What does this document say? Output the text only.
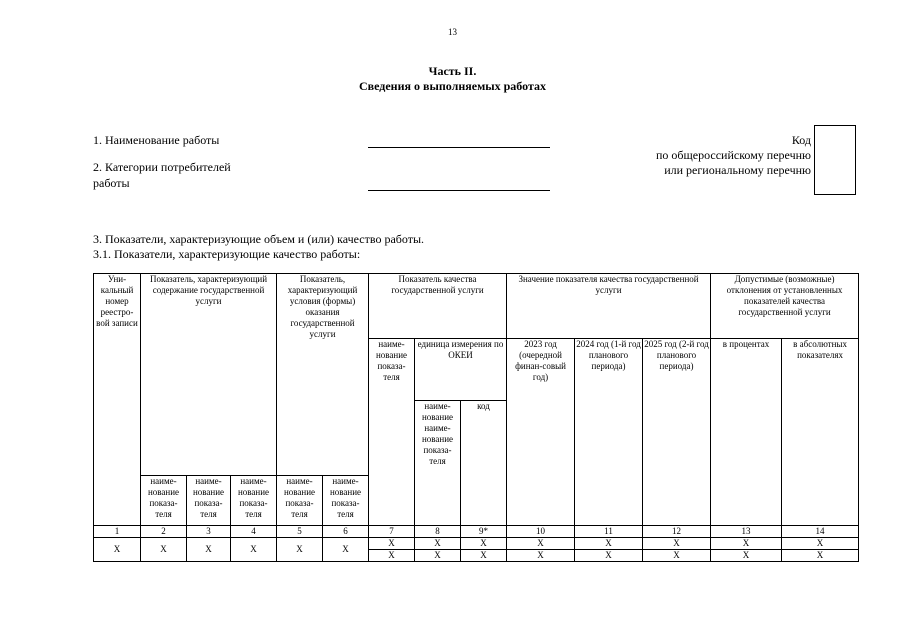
13
Часть II.
Сведения о выполняемых работах
1. Наименование работы
2. Категории потребителей
работы
Код
по общероссийскому перечню
или региональному перечню
3. Показатели, характеризующие объем и (или) качество работы.
3.1. Показатели, характеризующие качество работы:
Уни-кальный номер реестро-вой записи	Показатель, характеризующий содержание государственной услуги			Показатель, характеризующий условия (формы) оказания государственной услуги		Показатель качества государственной услуги			Значение показателя качества государственной услуги			Допустимые (возможные) отклонения от установленных показателей качества государственной услуги	
						наиме-нование показа-теля	единица измерения по ОКЕИ		2023 год (очередной финан-совый год)	2024 год (1-й год планового периода)	2025 год (2-й год планового периода)	в процентах	в абсолютных показателях
							наиме-нование наиме-нование показа-теля	код					
	наиме-нование показа-теля	наиме-нование показа-теля	наиме-нование показа-теля	наиме-нование показа-теля	наиме-нование показа-теля								
1	2	3	4	5	6	7	8	9*	10	11	12	13	14
X	X	X	X	X	X	X	X	X	X	X	X	X	X
						X	X	X	X	X	X	X	X
